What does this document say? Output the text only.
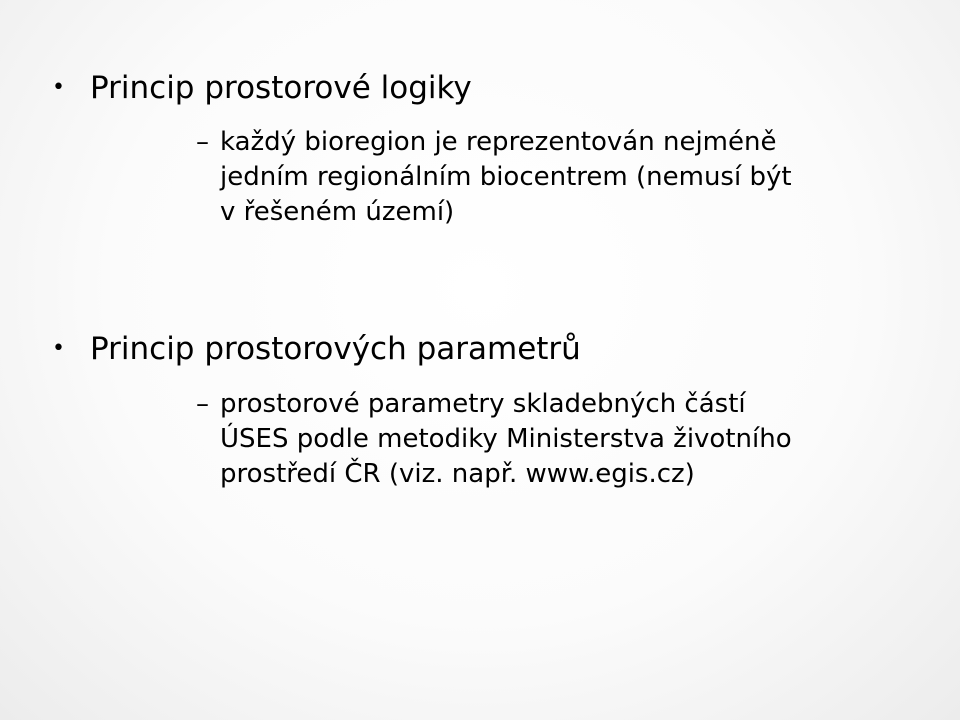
• Princip prostorové logiky
– každý bioregion je reprezentován nejméně
jedním regionálním biocentrem (nemusí být
v řešeném území)
• Princip prostorových parametrů
– prostorové parametry skladebných částí
ÚSES podle metodiky Ministerstva životního
prostředí ČR (viz. např. www.egis.cz)
